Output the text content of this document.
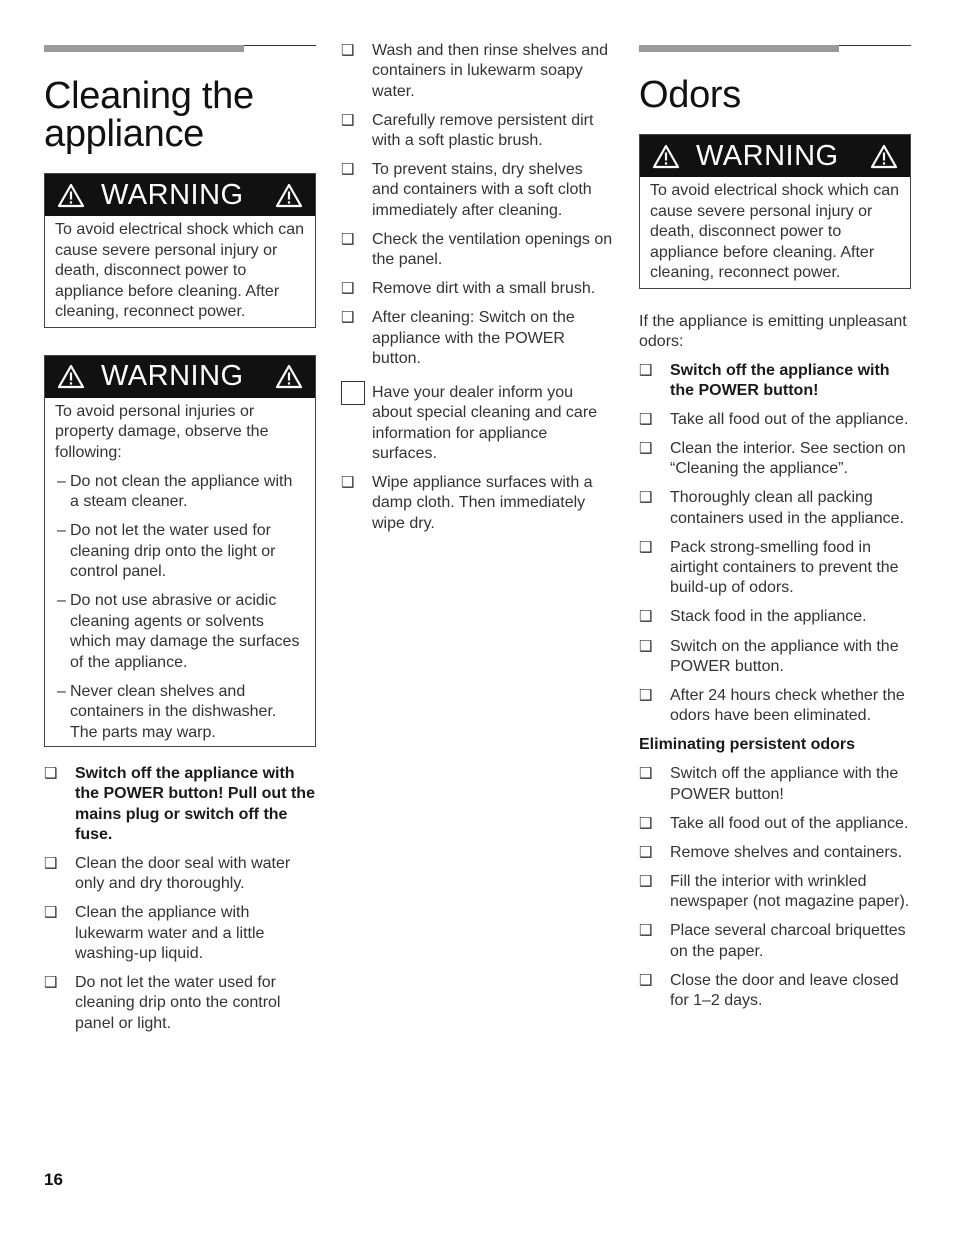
Cleaning the
appliance
WARNING

To avoid electrical shock which can cause severe personal injury or death, disconnect power to appliance before cleaning. After cleaning, reconnect power.

WARNING

To avoid personal injuries or property damage, observe the following:

– Do not clean the appliance with a steam cleaner.
– Do not let the water used for cleaning drip onto the light or control panel.
– Do not use abrasive or acidic cleaning agents or solvents which may damage the surfaces of the appliance.
– Never clean shelves and containers in the dishwasher. The parts may warp.
❑	Switch off the appliance with the POWER button! Pull out the mains plug or switch off the fuse.
❑	Clean the door seal with water only and dry thoroughly.
❑	Clean the appliance with lukewarm water and a little washing-up liquid.
❑	Do not let the water used for cleaning drip onto the control panel or light.
❑	Wash and then rinse shelves and containers in lukewarm soapy water.
❑	Carefully remove persistent dirt with a soft plastic brush.
❑	To prevent stains, dry shelves and containers with a soft cloth immediately after cleaning.
❑	Check the ventilation openings on the panel.
❑	Remove dirt with a small brush.
❑	After cleaning: Switch on the appliance with the POWER button.
Have your dealer inform you about special cleaning and care information for appliance surfaces.
❑	Wipe appliance surfaces with a damp cloth. Then immediately wipe dry.
Odors
WARNING

To avoid electrical shock which can cause severe personal injury or death, disconnect power to appliance before cleaning. After cleaning, reconnect power.

If the appliance is emitting unpleasant odors:

❑	Switch off the appliance with the POWER button!
❑	Take all food out of the appliance.
❑	Clean the interior. See section on “Cleaning the appliance”.
❑	Thoroughly clean all packing containers used in the appliance.
❑	Pack strong-smelling food in airtight containers to prevent the build-up of odors.
❑	Stack food in the appliance.
❑	Switch on the appliance with the POWER button.
❑	After 24 hours check whether the odors have been eliminated.

Eliminating persistent odors

❑	Switch off the appliance with the POWER button!
❑	Take all food out of the appliance.
❑	Remove shelves and containers.
❑	Fill the interior with wrinkled newspaper (not magazine paper).
❑	Place several charcoal briquettes on the paper.
❑	Close the door and leave closed for 1–2 days.
16
